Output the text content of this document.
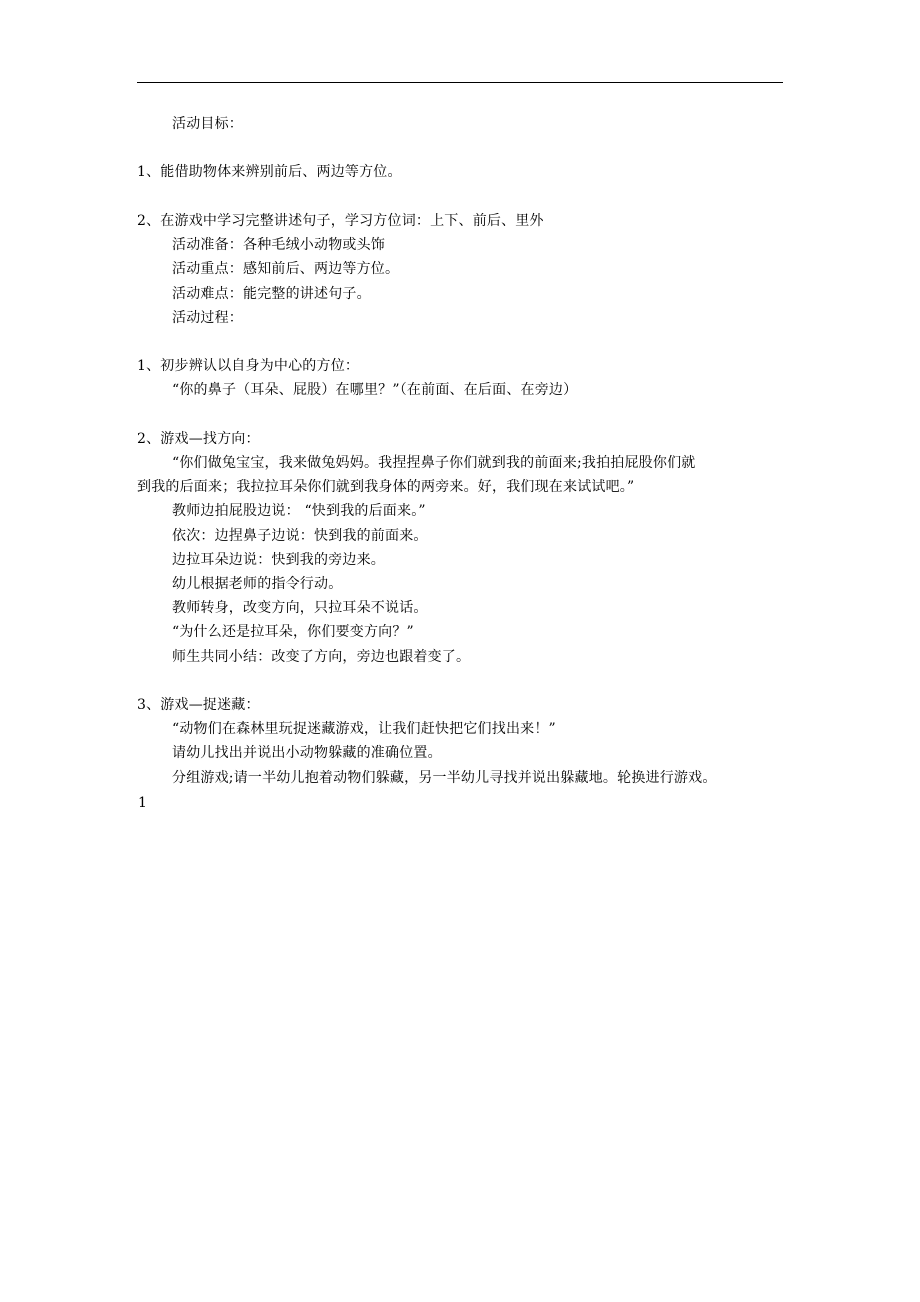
活动目标：
1、能借助物体来辨别前后、两边等方位。
2、在游戏中学习完整讲述句子，学习方位词：上下、前后、里外
活动准备：各种毛绒小动物或头饰
活动重点：感知前后、两边等方位。
活动难点：能完整的讲述句子。
活动过程：
1、初步辨认以自身为中心的方位：
“你的鼻子（耳朵、屁股）在哪里？”（在前面、在后面、在旁边）
2、游戏—找方向：
“你们做兔宝宝，我来做兔妈妈。我捏捏鼻子你们就到我的前面来;我拍拍屁股你们就
到我的后面来；我拉拉耳朵你们就到我身体的两旁来。好，我们现在来试试吧。”
教师边拍屁股边说： “快到我的后面来。”
依次：边捏鼻子边说：快到我的前面来。
边拉耳朵边说：快到我的旁边来。
幼儿根据老师的指令行动。
教师转身，改变方向，只拉耳朵不说话。
“为什么还是拉耳朵，你们要变方向？”
师生共同小结：改变了方向，旁边也跟着变了。
3、游戏—捉迷藏：
“动物们在森林里玩捉迷藏游戏，让我们赶快把它们找出来！”
请幼儿找出并说出小动物躲藏的准确位置。
分组游戏;请一半幼儿抱着动物们躲藏，另一半幼儿寻找并说出躲藏地。轮换进行游戏。
1
